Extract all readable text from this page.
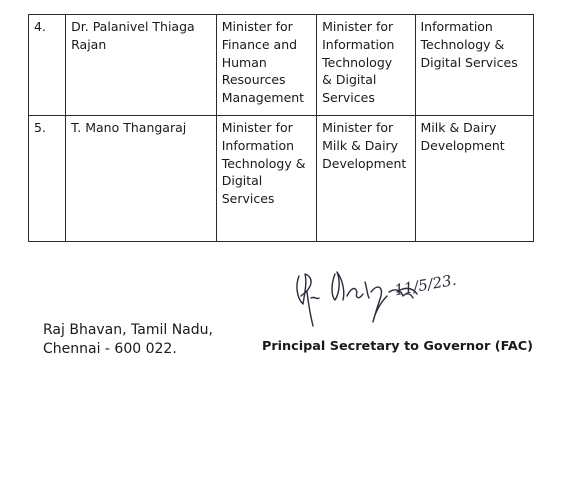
4.	Dr. Palanivel Thiaga
Rajan	Minister for
Finance and
Human
Resources
Management	Minister for
Information
Technology
& Digital
Services	Information
Technology &
Digital Services

5.	T. Mano Thangaraj	Minister for
Information
Technology &
Digital
Services	Minister for
Milk & Dairy
Development	Milk & Dairy
Development
11/5/23.
Raj Bhavan, Tamil Nadu,
Chennai - 600 022.	Principal Secretary to Governor (FAC)
